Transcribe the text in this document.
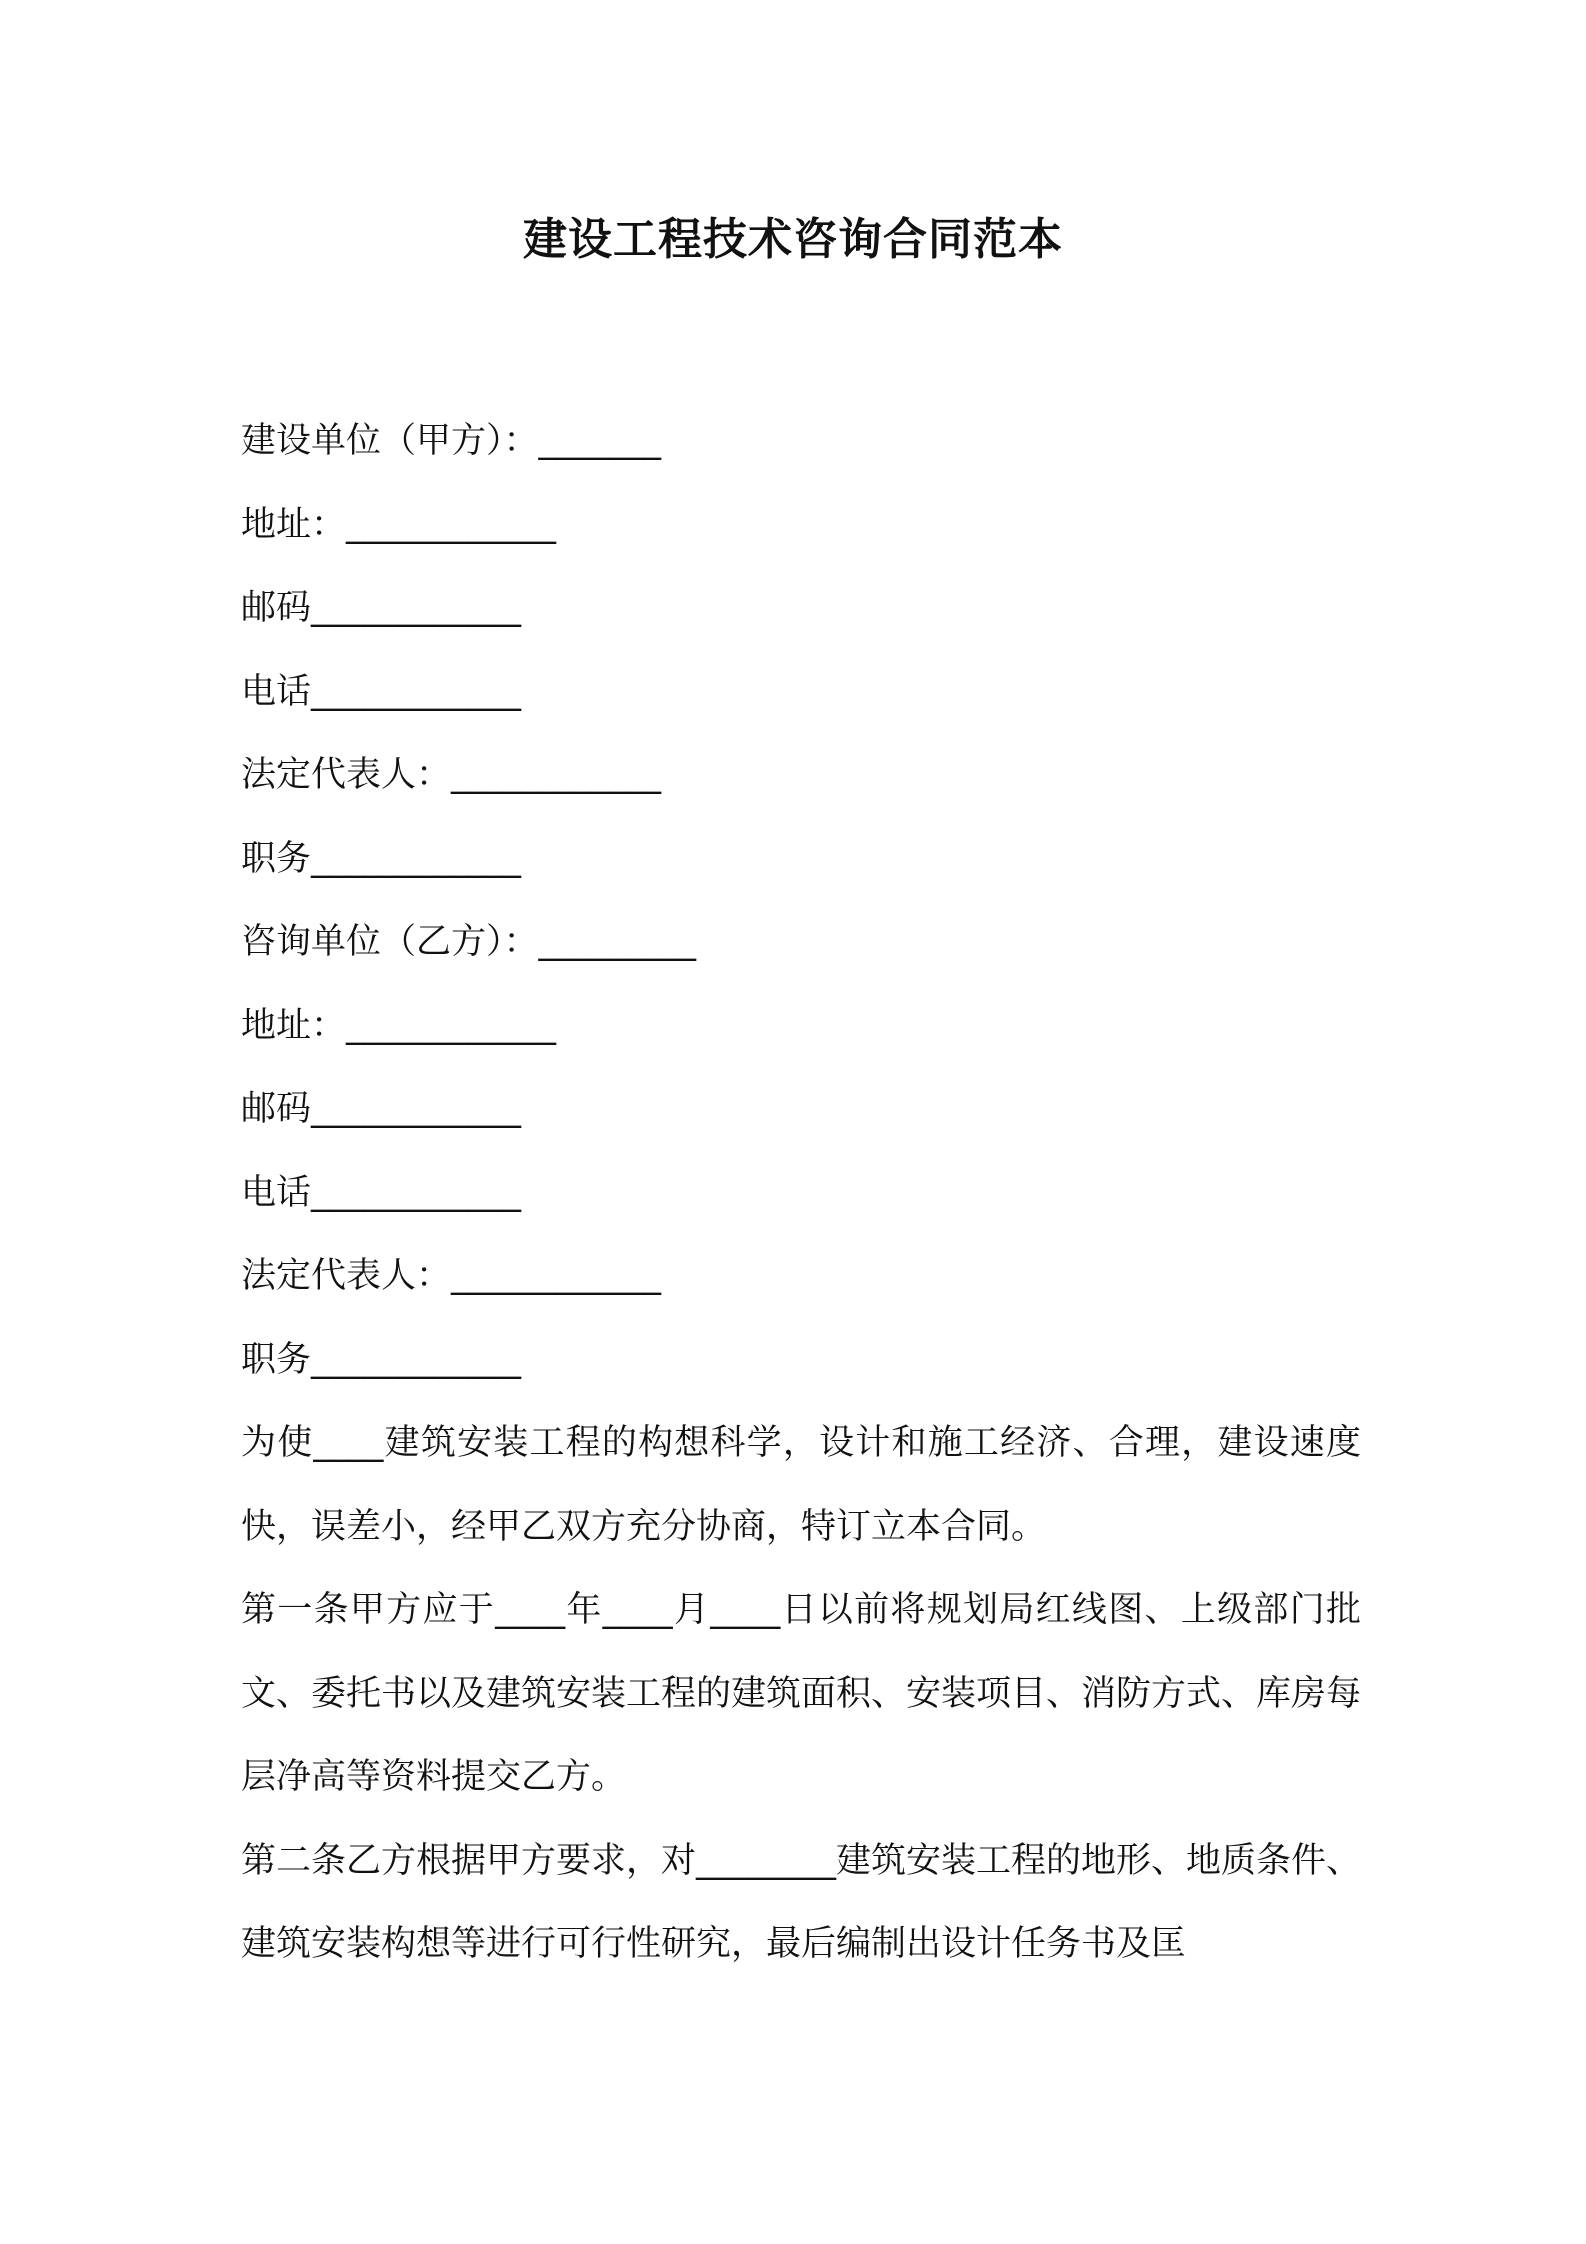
建设工程技术咨询合同范本
建设单位（甲方）：_______
地址：____________
邮码____________
电话____________
法定代表人：____________
职务____________
咨询单位（乙方）：_________
地址：____________
邮码____________
电话____________
法定代表人：____________
职务____________

为使____建筑安装工程的构想科学，设计和施工经济、合理，建设速度快，误差小，经甲乙双方充分协商，特订立本合同。

第一条甲方应于____年____月____日以前将规划局红线图、上级部门批文、委托书以及建筑安装工程的建筑面积、安装项目、消防方式、库房每层净高等资料提交乙方。

第二条乙方根据甲方要求，对________建筑安装工程的地形、地质条件、建筑安装构想等进行可行性研究，最后编制出设计任务书及匡
